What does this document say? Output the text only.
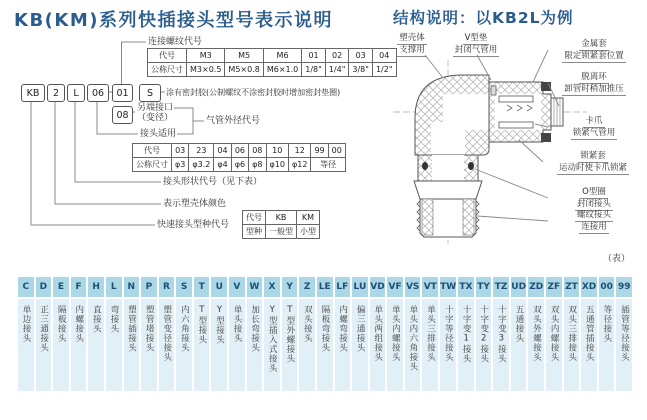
KB(KM)系列快插接头型号表示说明
KB	2	L	06	01	S
08
连接螺纹代号
代号	M3	M5	M6	01	02	03	04
公称尺寸	M3×0.5	M5×0.8	M6×1.0	1/8"	1/4"	3/8"	1/2"
涂有密封胶(公制螺纹不涂密封胶时增加密封垫圈)
另端接口
（变径）	气管外径代号
接头适用
代号	03	23	04	06	08	10	12	99	00
公称尺寸	φ3	φ3.2	φ4	φ6	φ8	φ10	φ12	等径	
接头形状代号（见下表）
表示塑壳体颜色
快速接头型种代号
代号	KB	KM
型种	一般型	小型
结构说明：以KB2L为例
塑壳体
支撑用
V型垫
封闭气管用
金属套
限定锁紧套位置
脱离环
卸管时稍加推压
卡爪
锁紧气管用
锁紧套
运动时使卡爪锁紧
O型圈
封闭接头
螺纹接头
连接用
（表）
C	D	E	F	H	L	N	P	R	S	T	U	V	W	X	Y	Z LE LF LU VD VF VS VT TW TX TY TZ UD ZD ZF ZT XD 00 99
单边接头 正三通接头 隔板接头 内螺接头 直接头 弯接头 塑管插接头 塑管堵接头 塑管变径接头 内六角接头 T型接头 Y型接头 单头接头 加长弯接头 Y型插入式接头 T型外螺接头 双头接头 隔板弯接头 内螺弯接头 偏三通接头 单头两组接头 单头内螺接头 单头内六角接头 单头三排接头 十字等径接头 十字变1接头 十字变2接头 十字变3接头 五通接头 双头外螺接头 双头内螺接头 双头三排接头 五通管插接头 等径接头 插管等径接头
